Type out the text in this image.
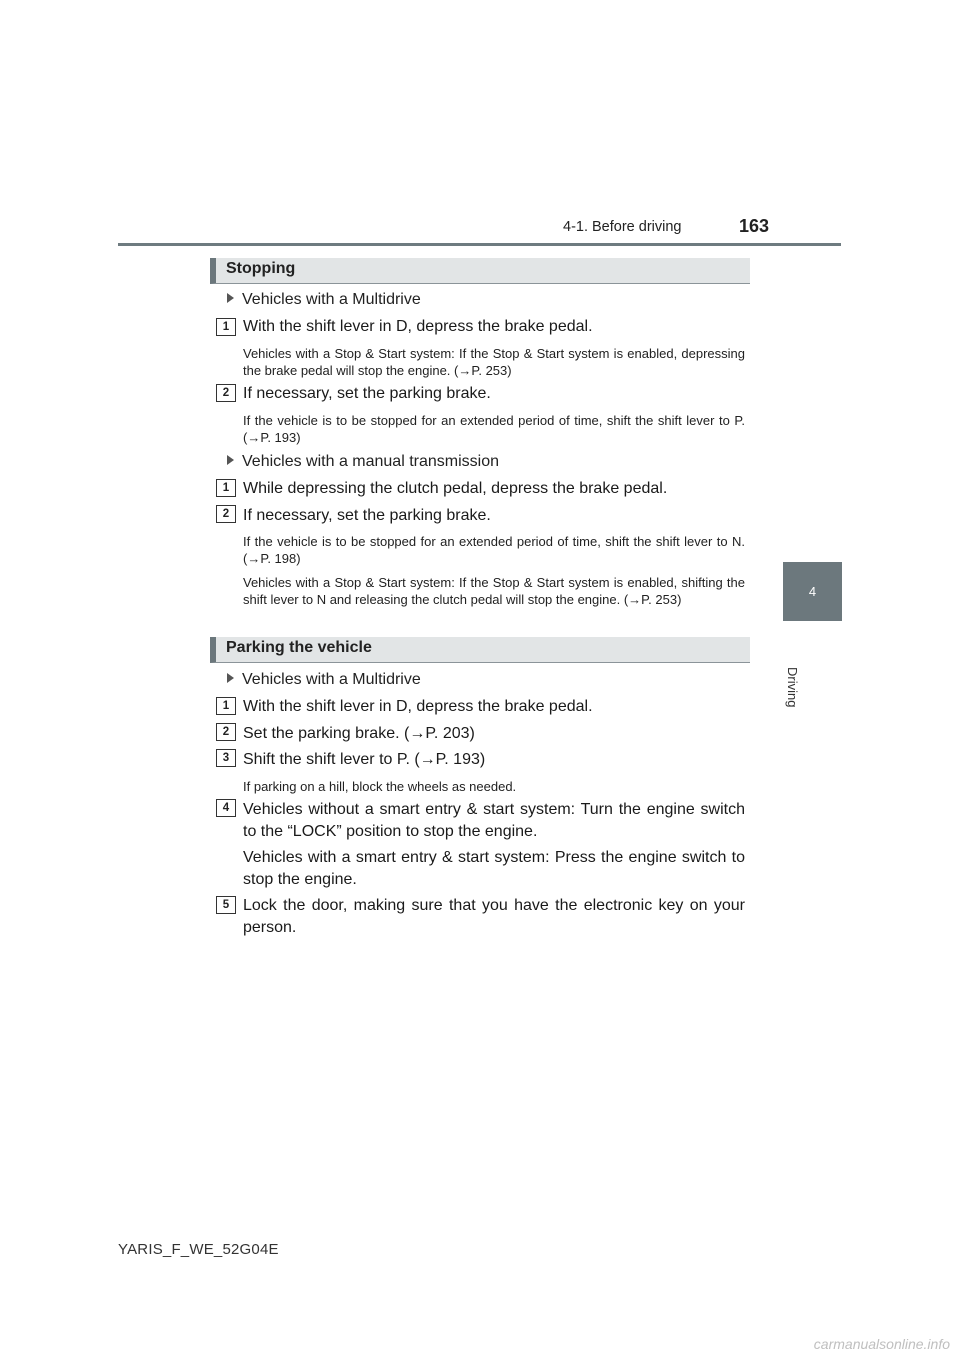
4-1. Before driving	163
4
Driving
Stopping
Vehicles with a Multidrive
1 With the shift lever in D, depress the brake pedal.
Vehicles with a Stop & Start system: If the Stop & Start system is enabled, depressing the brake pedal will stop the engine. (→P. 253)
2 If necessary, set the parking brake.
If the vehicle is to be stopped for an extended period of time, shift the shift lever to P. (→P. 193)
Vehicles with a manual transmission
1 While depressing the clutch pedal, depress the brake pedal.
2 If necessary, set the parking brake.
If the vehicle is to be stopped for an extended period of time, shift the shift lever to N. (→P. 198)
Vehicles with a Stop & Start system: If the Stop & Start system is enabled, shifting the shift lever to N and releasing the clutch pedal will stop the engine. (→P. 253)
Parking the vehicle
Vehicles with a Multidrive
1 With the shift lever in D, depress the brake pedal.
2 Set the parking brake. (→P. 203)
3 Shift the shift lever to P. (→P. 193)
If parking on a hill, block the wheels as needed.
4 Vehicles without a smart entry & start system: Turn the engine switch to the “LOCK” position to stop the engine.
Vehicles with a smart entry & start system: Press the engine switch to stop the engine.
5 Lock the door, making sure that you have the electronic key on your person.
YARIS_F_WE_52G04E
carmanualsonline.info
